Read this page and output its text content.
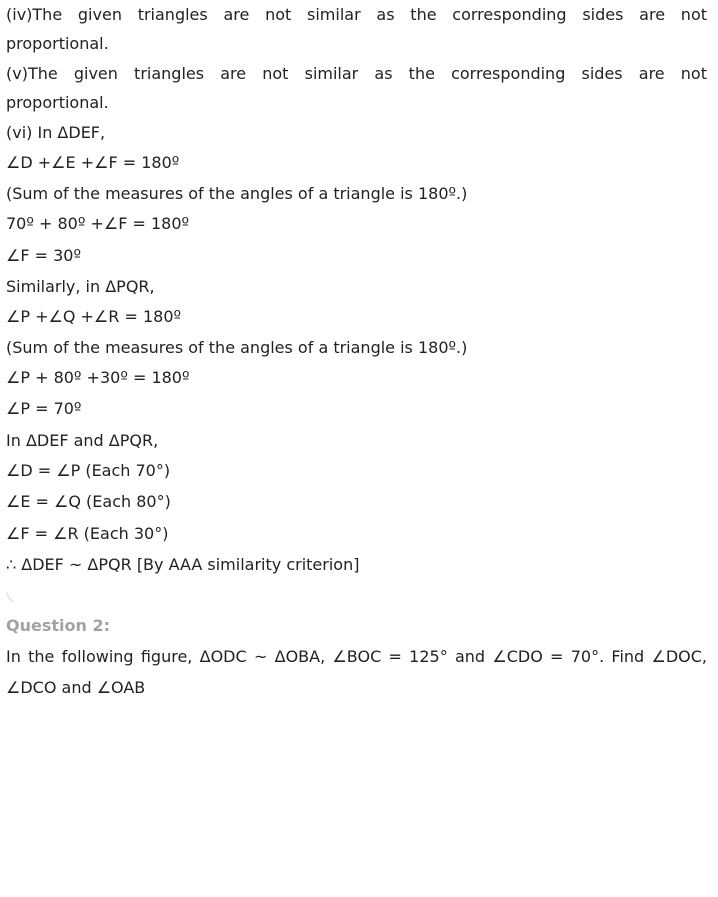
(iv)The given triangles are not similar as the corresponding sides are not
proportional.
(v)The given triangles are not similar as the corresponding sides are not
proportional.
(vi) In ΔDEF,
∠D +∠E +∠F = 180º
(Sum of the measures of the angles of a triangle is 180º.)
70º + 80º +∠F = 180º
∠F = 30º
Similarly, in ΔPQR,
∠P +∠Q +∠R = 180º
(Sum of the measures of the angles of a triangle is 180º.)
∠P + 80º +30º = 180º
∠P = 70º
In ΔDEF and ΔPQR,
∠D = ∠P (Each 70°)
∠E = ∠Q (Each 80°)
∠F = ∠R (Each 30°)
∴ ΔDEF ~ ΔPQR [By AAA similarity criterion]
Question 2:
In the following figure, ΔODC ~ ΔOBA, ∠BOC = 125° and ∠CDO = 70°. Find ∠DOC,
∠DCO and ∠OAB
